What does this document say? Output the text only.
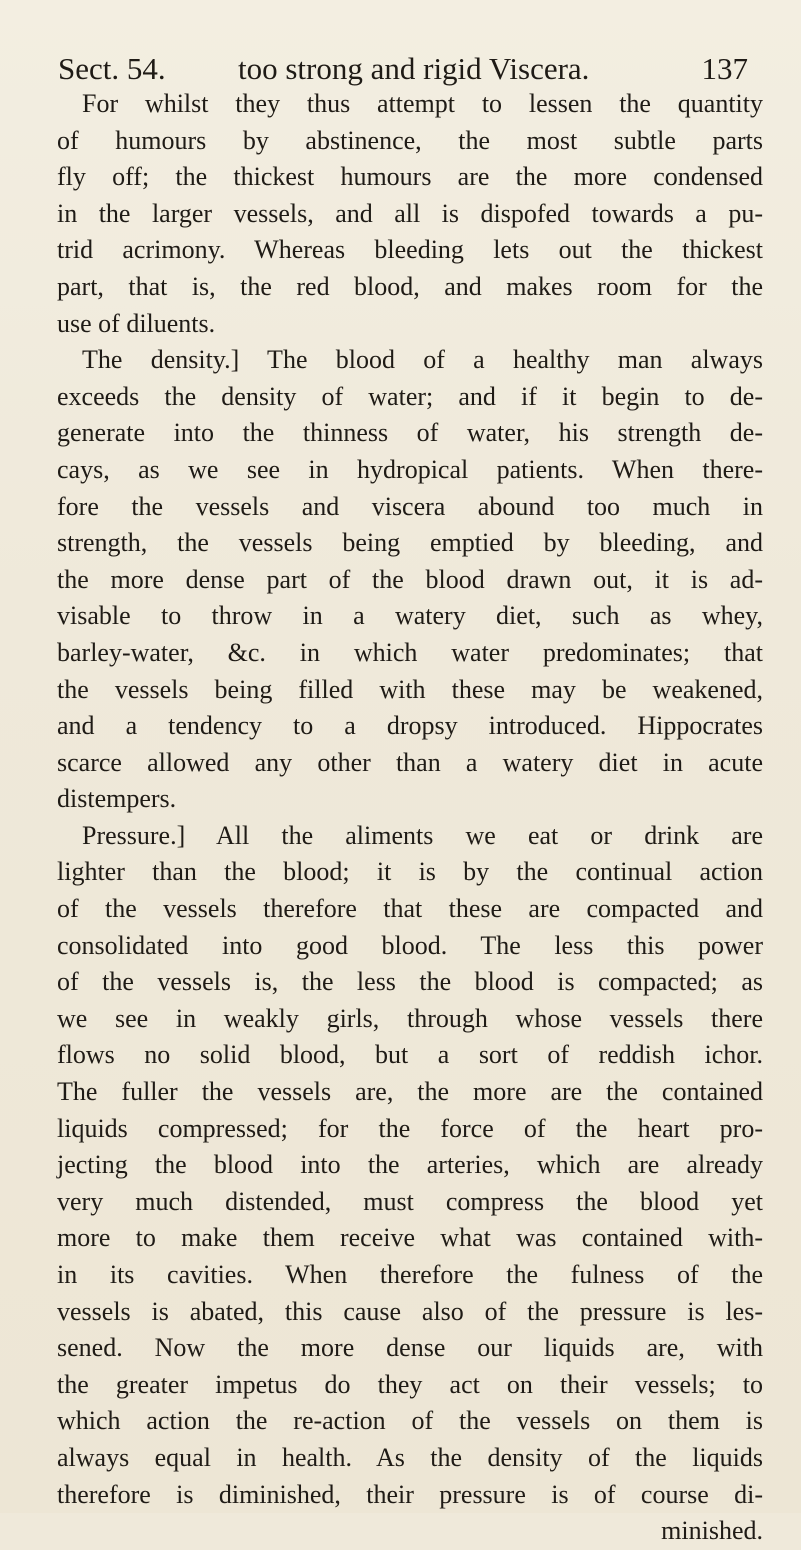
Sect. 54. too strong and rigid Viscera.	137
For whilst they thus attempt to lessen the quantity
of humours by abstinence, the most subtle parts
fly off; the thickest humours are the more condensed
in the larger vessels, and all is dispofed towards a pu-
trid acrimony. Whereas bleeding lets out the thickest
part, that is, the red blood, and makes room for the
use of diluents.
The density.] The blood of a healthy man always
exceeds the density of water; and if it begin to de-
generate into the thinness of water, his strength de-
cays, as we see in hydropical patients. When there-
fore the vessels and viscera abound too much in
strength, the vessels being emptied by bleeding, and
the more dense part of the blood drawn out, it is ad-
visable to throw in a watery diet, such as whey,
barley-water, &c. in which water predominates; that
the vessels being filled with these may be weakened,
and a tendency to a dropsy introduced. Hippocrates
scarce allowed any other than a watery diet in acute
distempers.
Pressure.] All the aliments we eat or drink are
lighter than the blood; it is by the continual action
of the vessels therefore that these are compacted and
consolidated into good blood. The less this power
of the vessels is, the less the blood is compacted; as
we see in weakly girls, through whose vessels there
flows no solid blood, but a sort of reddish ichor.
The fuller the vessels are, the more are the contained
liquids compressed; for the force of the heart pro-
jecting the blood into the arteries, which are already
very much distended, must compress the blood yet
more to make them receive what was contained with-
in its cavities. When therefore the fulness of the
vessels is abated, this cause also of the pressure is les-
sened. Now the more dense our liquids are, with
the greater impetus do they act on their vessels; to
which action the re-action of the vessels on them is
always equal in health. As the density of the liquids
therefore is diminished, their pressure is of course di-
minished.
